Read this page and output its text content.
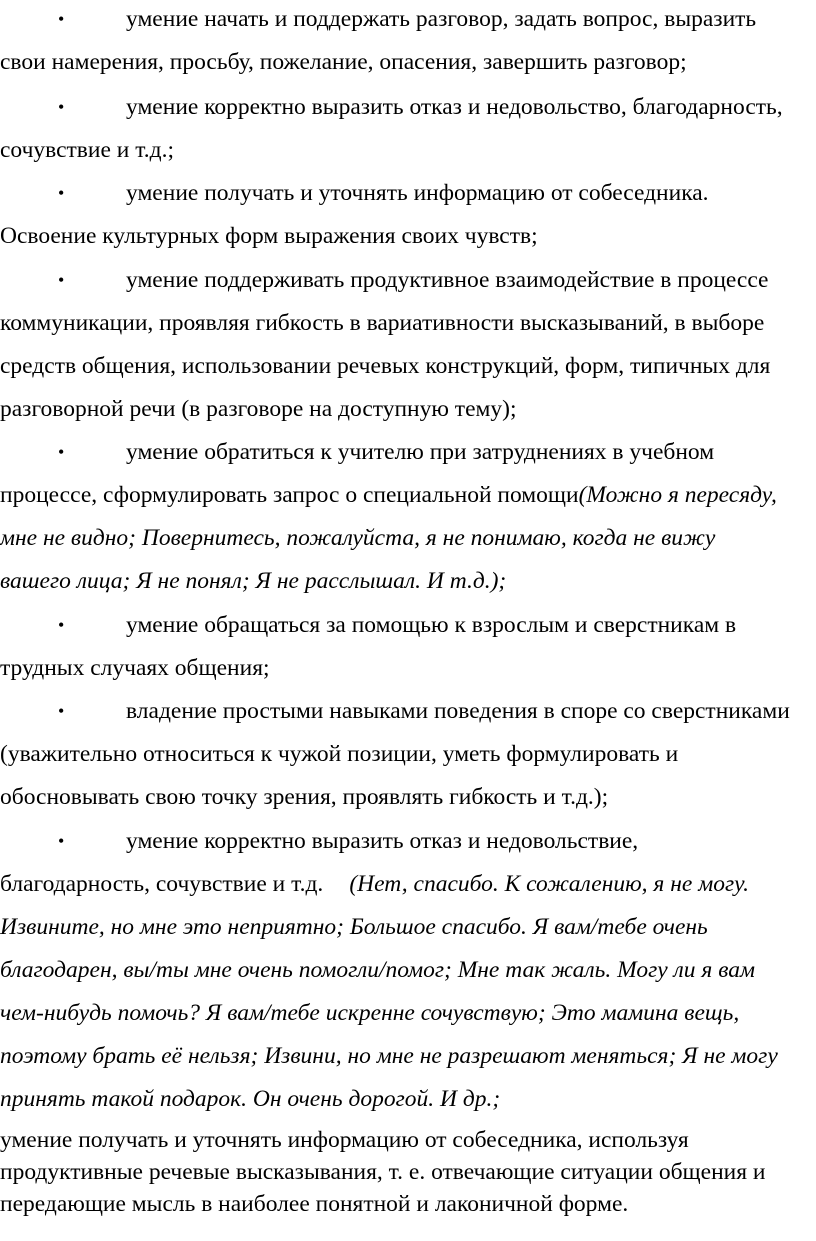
•	умение начать и поддержать разговор, задать вопрос, выразить
свои намерения, просьбу, пожелание, опасения, завершить разговор;
•	умение корректно выразить отказ и недовольство, благодарность,
сочувствие и т.д.;
•	умение получать и уточнять информацию от собеседника.
Освоение культурных форм выражения своих чувств;
•	умение поддерживать продуктивное взаимодействие в процессе
коммуникации, проявляя гибкость в вариативности высказываний, в выборе
средств общения, использовании речевых конструкций, форм, типичных для
разговорной речи (в разговоре на доступную тему);
•	умение обратиться к учителю при затруднениях в учебном
процессе, сформулировать запрос о специальной помощи(Можно я пересяду,
мне не видно; Повернитесь, пожалуйста, я не понимаю, когда не вижу
вашего лица; Я не понял; Я не расслышал. И т.д.);
•	умение обращаться за помощью к взрослым и сверстникам в
трудных случаях общения;
•	владение простыми навыками поведения в споре со сверстниками
(уважительно относиться к чужой позиции, уметь формулировать и
обосновывать свою точку зрения, проявлять гибкость и т.д.);
•	умение корректно выразить отказ и недовольствие,
благодарность, сочувствие и т.д. (Нет, спасибо. К сожалению, я не могу.
Извините, но мне это неприятно; Большое спасибо. Я вам/тебе очень
благодарен, вы/ты мне очень помогли/помог; Мне так жаль. Могу ли я вам
чем-нибудь помочь? Я вам/тебе искренне сочувствую; Это мамина вещь,
поэтому брать её нельзя; Извини, но мне не разрешают меняться; Я не могу
принять такой подарок. Он очень дорогой. И др.;
умение получать и уточнять информацию от собеседника, используя
продуктивные речевые высказывания, т. е. отвечающие ситуации общения и
передающие мысль в наиболее понятной и лаконичной форме.
